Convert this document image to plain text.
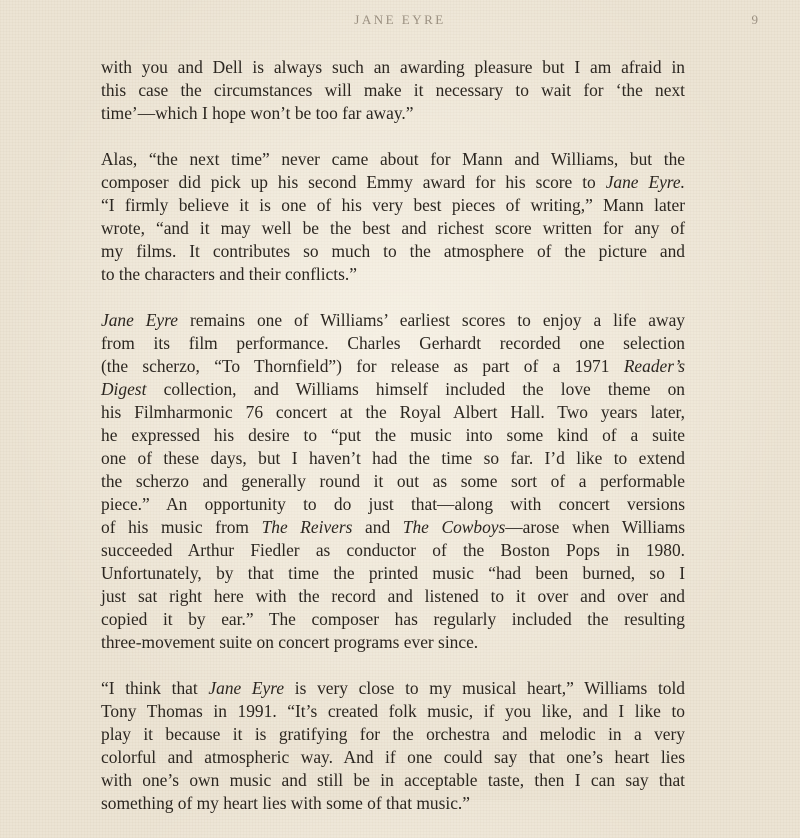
JANE EYRE	9

with you and Dell is always such an awarding pleasure but I am afraid in
this case the circumstances will make it necessary to wait for ‘the next
time’—which I hope won’t be too far away.”

Alas, “the next time” never came about for Mann and Williams, but the
composer did pick up his second Emmy award for his score to Jane Eyre.
“I firmly believe it is one of his very best pieces of writing,” Mann later
wrote, “and it may well be the best and richest score written for any of
my films. It contributes so much to the atmosphere of the picture and
to the characters and their conflicts.”

Jane Eyre remains one of Williams’ earliest scores to enjoy a life away
from its film performance. Charles Gerhardt recorded one selection
(the scherzo, “To Thornfield”) for release as part of a 1971 Reader’s
Digest collection, and Williams himself included the love theme on
his Filmharmonic 76 concert at the Royal Albert Hall. Two years later,
he expressed his desire to “put the music into some kind of a suite
one of these days, but I haven’t had the time so far. I’d like to extend
the scherzo and generally round it out as some sort of a performable
piece.” An opportunity to do just that—along with concert versions
of his music from The Reivers and The Cowboys—arose when Williams
succeeded Arthur Fiedler as conductor of the Boston Pops in 1980.
Unfortunately, by that time the printed music “had been burned, so I
just sat right here with the record and listened to it over and over and
copied it by ear.” The composer has regularly included the resulting
three-movement suite on concert programs ever since.

“I think that Jane Eyre is very close to my musical heart,” Williams told
Tony Thomas in 1991. “It’s created folk music, if you like, and I like to
play it because it is gratifying for the orchestra and melodic in a very
colorful and atmospheric way. And if one could say that one’s heart lies
with one’s own music and still be in acceptable taste, then I can say that
something of my heart lies with some of that music.”
